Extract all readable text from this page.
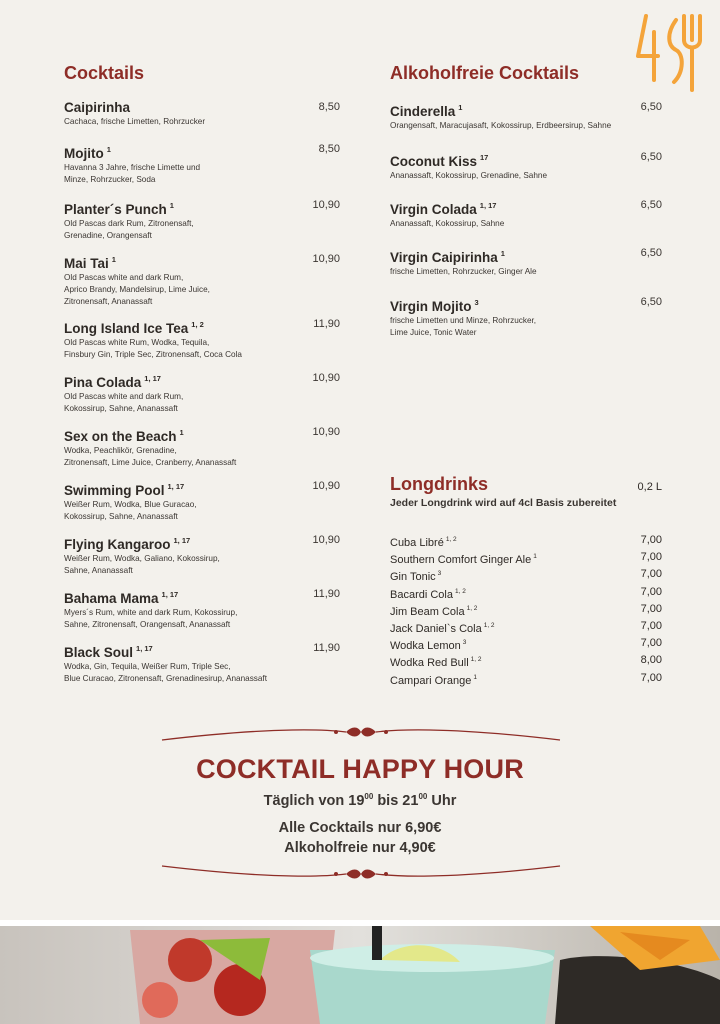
Cocktails
Caipirinha
Cachaca, frische Limetten, Rohrzucker
8,50
Mojito $^1$
Havanna 3 Jahre, frische Limette und
Minze, Rohrzucker, Soda
8,50
Planter´s Punch $^1$
Old Pascas dark Rum, Zitronensaft,
Grenadine, Orangensaft
10,90
Mai Tai $^1$
Old Pascas white and dark Rum,
Aprico Brandy, Mandelsirup, Lime Juice,
Zitronensaft, Ananassaft
10,90
Long Island Ice Tea $^{1, 2}$
Old Pascas white Rum, Wodka, Tequila,
Finsbury Gin, Triple Sec, Zitronensaft, Coca Cola
11,90
Pina Colada $^{1, 17}$
Old Pascas white and dark Rum,
Kokossirup, Sahne, Ananassaft
10,90
Sex on the Beach $^1$
Wodka, Peachlikör, Grenadine,
Zitronensaft, Lime Juice, Cranberry, Ananassaft
10,90
Swimming Pool $^{1, 17}$
Weißer Rum, Wodka, Blue Guracao,
Kokossirup, Sahne, Ananassaft
10,90
Flying Kangaroo $^{1, 17}$
Weißer Rum, Wodka, Galiano, Kokossirup,
Sahne, Ananassaft
10,90
Bahama Mama $^{1, 17}$
Myers´s Rum, white and dark Rum, Kokossirup,
Sahne, Zitronensaft, Orangensaft, Ananassaft
11,90
Black Soul $^{1, 17}$
Wodka, Gin, Tequila, Weißer Rum, Triple Sec,
Blue Curacao, Zitronensaft, Grenadinesirup, Ananassaft
11,90
Alkoholfreie Cocktails
Cinderella $^1$
Orangensaft, Maracujasaft, Kokossirup, Erdbeersirup, Sahne
6,50
Coconut Kiss $^{17}$
Ananassaft, Kokossirup, Grenadine, Sahne
6,50
Virgin Colada $^{1, 17}$
Ananassaft, Kokossirup, Sahne
6,50
Virgin Caipirinha $^1$
frische Limetten, Rohrzucker, Ginger Ale
6,50
Virgin Mojito $^3$
frische Limetten und Minze, Rohrzucker,
Lime Juice, Tonic Water
6,50
Longdrinks	0,2 L
Jeder Longdrink wird auf 4cl Basis zubereitet
Cuba Libré $^{1, 2}$	7,00
Southern Comfort Ginger Ale $^1$	7,00
Gin Tonic $^3$	7,00
Bacardi Cola $^{1, 2}$	7,00
Jim Beam Cola $^{1, 2}$	7,00
Jack Daniel`s Cola $^{1, 2}$	7,00
Wodka Lemon $^3$	7,00
Wodka Red Bull $^{1, 2}$	8,00
Campari Orange $^1$	7,00
COCKTAIL HAPPY HOUR
Täglich von $19^{00}$ bis $21^{00}$ Uhr
Alle Cocktails nur 6,90€
Alkoholfreie nur 4,90€
